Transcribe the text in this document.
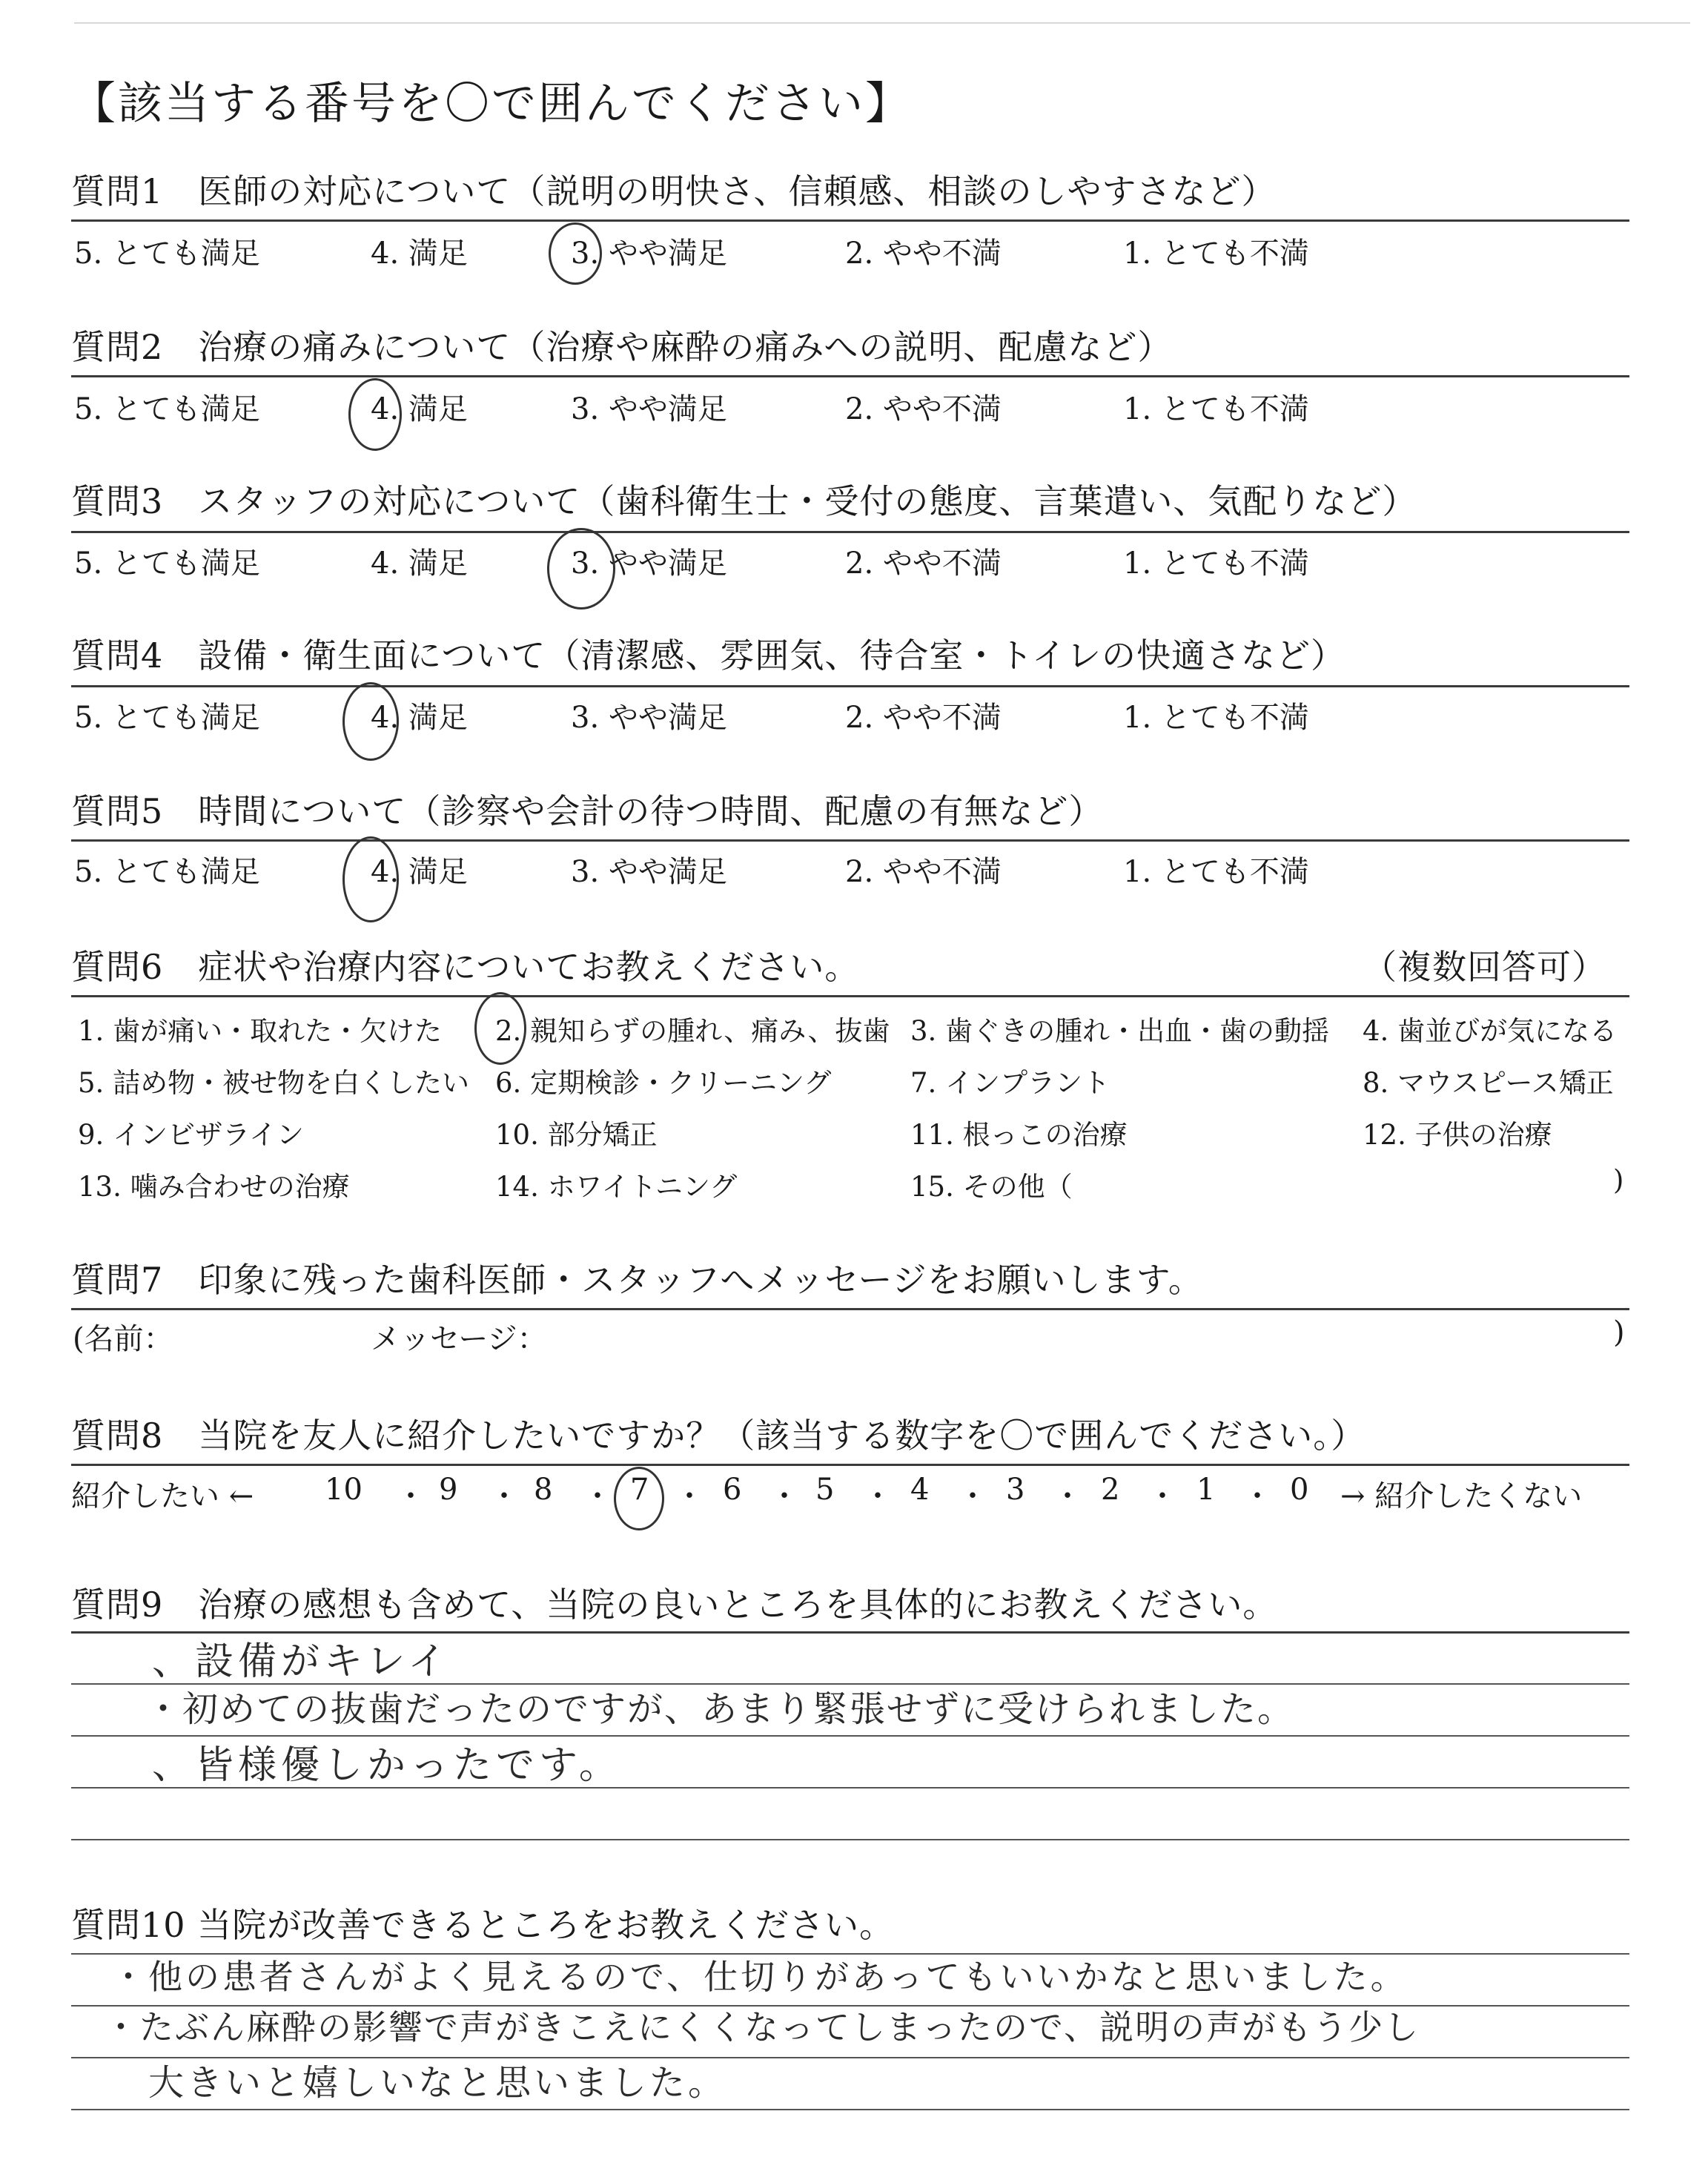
【該当する番号を〇で囲んでください】
質問1　医師の対応について（説明の明快さ、信頼感、相談のしやすさなど）
5. とても満足	4. 満足	3. やや満足	2. やや不満	1. とても不満
質問2　治療の痛みについて（治療や麻酔の痛みへの説明、配慮など）
5. とても満足	4. 満足	3. やや満足	2. やや不満	1. とても不満
質問3　スタッフの対応について（歯科衛生士・受付の態度、言葉遣い、気配りなど）
5. とても満足	4. 満足	3. やや満足	2. やや不満	1. とても不満
質問4　設備・衛生面について（清潔感、雰囲気、待合室・トイレの快適さなど）
5. とても満足	4. 満足	3. やや満足	2. やや不満	1. とても不満
質問5　時間について（診察や会計の待つ時間、配慮の有無など）
5. とても満足	4. 満足	3. やや満足	2. やや不満	1. とても不満
質問6　症状や治療内容についてお教えください。	（複数回答可）
1. 歯が痛い・取れた・欠けた 2. 親知らずの腫れ、痛み、抜歯 3. 歯ぐきの腫れ・出血・歯の動揺 4. 歯並びが気になる
5. 詰め物・被せ物を白くしたい 6. 定期検診・クリーニング	7. インプラント	8. マウスピース矯正
9. インビザライン	10. 部分矯正	11. 根っこの治療	12. 子供の治療
13. 噛み合わせの治療	14. ホワイトニング	15. その他（	)
質問7　印象に残った歯科医師・スタッフへメッセージをお願いします。
(名前：	メッセージ：	)
質問8　当院を友人に紹介したいですか？（該当する数字を〇で囲んでください。）
紹介したい ← 10	9	8	7 6 5	4	3	2	1	0 → 紹介したくない
・ ・ ・ ・ ・ ・ ・ ・ ・ ・
質問9　治療の感想も含めて、当院の良いところを具体的にお教えください。
、設備がキレイ
・初めての抜歯だったのですが、あまり緊張せずに受けられました。
、皆様優しかったです。
質問10 当院が改善できるところをお教えください。
・他の患者さんがよく見えるので、仕切りがあってもいいかなと思いました。
・たぶん麻酔の影響で声がきこえにくくなってしまったので、説明の声がもう少し
大きいと嬉しいなと思いました。
